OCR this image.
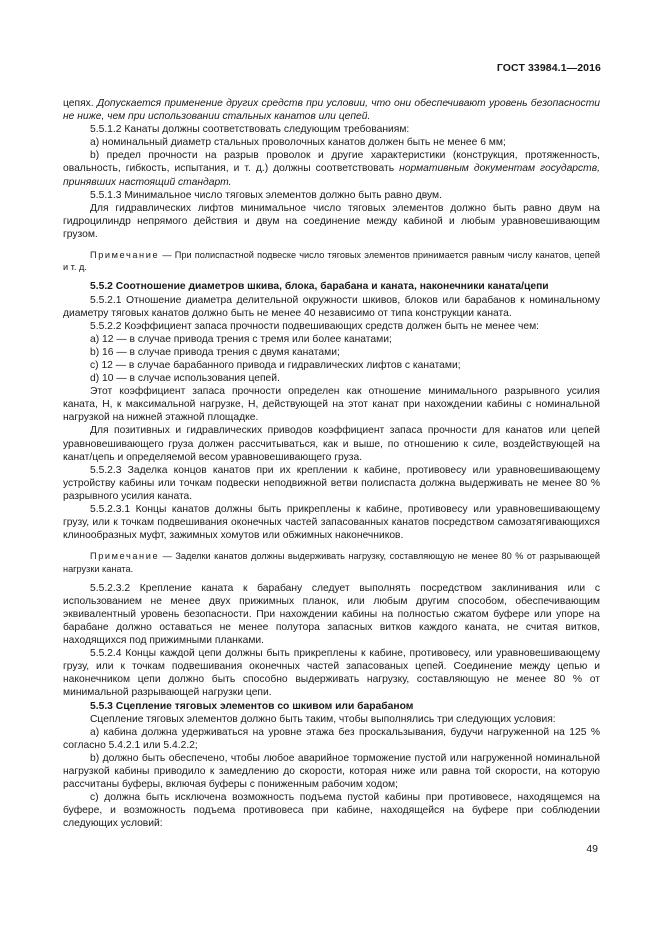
ГОСТ 33984.1—2016

цепях. Допускается применение других средств при условии, что они обеспечивают уровень безопасности не ниже, чем при использовании стальных канатов или цепей.

5.5.1.2 Канаты должны соответствовать следующим требованиям:

а) номинальный диаметр стальных проволочных канатов должен быть не менее 6 мм;

b) предел прочности на разрыв проволок и другие характеристики (конструкция, протяженность, овальность, гибкость, испытания, и т. д.) должны соответствовать нормативным документам государств, принявших настоящий стандарт.

5.5.1.3 Минимальное число тяговых элементов должно быть равно двум.

Для гидравлических лифтов минимальное число тяговых элементов должно быть равно двум на гидроцилиндр непрямого действия и двум на соединение между кабиной и любым уравновешивающим грузом.

Примечание — При полиспастной подвеске число тяговых элементов принимается равным числу канатов, цепей и т. д.

5.5.2 Соотношение диаметров шкива, блока, барабана и каната, наконечники каната/цепи

5.5.2.1 Отношение диаметра делительной окружности шкивов, блоков или барабанов к номинальному диаметру тяговых канатов должно быть не менее 40 независимо от типа конструкции каната.

5.5.2.2 Коэффициент запаса прочности подвешивающих средств должен быть не менее чем:

а) 12 — в случае привода трения с тремя или более канатами;

b) 16 — в случае привода трения с двумя канатами;

с) 12 — в случае барабанного привода и гидравлических лифтов с канатами;

d) 10 — в случае использования цепей.

Этот коэффициент запаса прочности определен как отношение минимального разрывного усилия каната, Н, к максимальной нагрузке, Н, действующей на этот канат при нахождении кабины с номинальной нагрузкой на нижней этажной площадке.

Для позитивных и гидравлических приводов коэффициент запаса прочности для канатов или цепей уравновешивающего груза должен рассчитываться, как и выше, по отношению к силе, воздействующей на канат/цепь и определяемой весом уравновешивающего груза.

5.5.2.3 Заделка концов канатов при их креплении к кабине, противовесу или уравновешивающему устройству кабины или точкам подвески неподвижной ветви полиспаста должна выдерживать не менее 80 % разрывного усилия каната.

5.5.2.3.1 Концы канатов должны быть прикреплены к кабине, противовесу или уравновешивающему грузу, или к точкам подвешивания оконечных частей запасованных канатов посредством самозатягивающихся клинообразных муфт, зажимных хомутов или обжимных наконечников.

Примечание — Заделки канатов должны выдерживать нагрузку, составляющую не менее 80 % от разрывающей нагрузки каната.

5.5.2.3.2 Крепление каната к барабану следует выполнять посредством заклинивания или с использованием не менее двух прижимных планок, или любым другим способом, обеспечивающим эквивалентный уровень безопасности. При нахождении кабины на полностью сжатом буфере или упоре на барабане должно оставаться не менее полутора запасных витков каждого каната, не считая витков, находящихся под прижимными планками.

5.5.2.4 Концы каждой цепи должны быть прикреплены к кабине, противовесу, или уравновешивающему грузу, или к точкам подвешивания оконечных частей запасованых цепей. Соединение между цепью и наконечником цепи должно быть способно выдерживать нагрузку, составляющую не менее 80 % от минимальной разрывающей нагрузки цепи.

5.5.3 Сцепление тяговых элементов со шкивом или барабаном

Сцепление тяговых элементов должно быть таким, чтобы выполнялись три следующих условия:

а) кабина должна удерживаться на уровне этажа без проскальзывания, будучи нагруженной на 125 % согласно 5.4.2.1 или 5.4.2.2;

b) должно быть обеспечено, чтобы любое аварийное торможение пустой или нагруженной номинальной нагрузкой кабины приводило к замедлению до скорости, которая ниже или равна той скорости, на которую рассчитаны буферы, включая буферы с пониженным рабочим ходом;

с) должна быть исключена возможность подъема пустой кабины при противовесе, находящемся на буфере, и возможность подъема противовеса при кабине, находящейся на буфере при соблюдении следующих условий:

49
